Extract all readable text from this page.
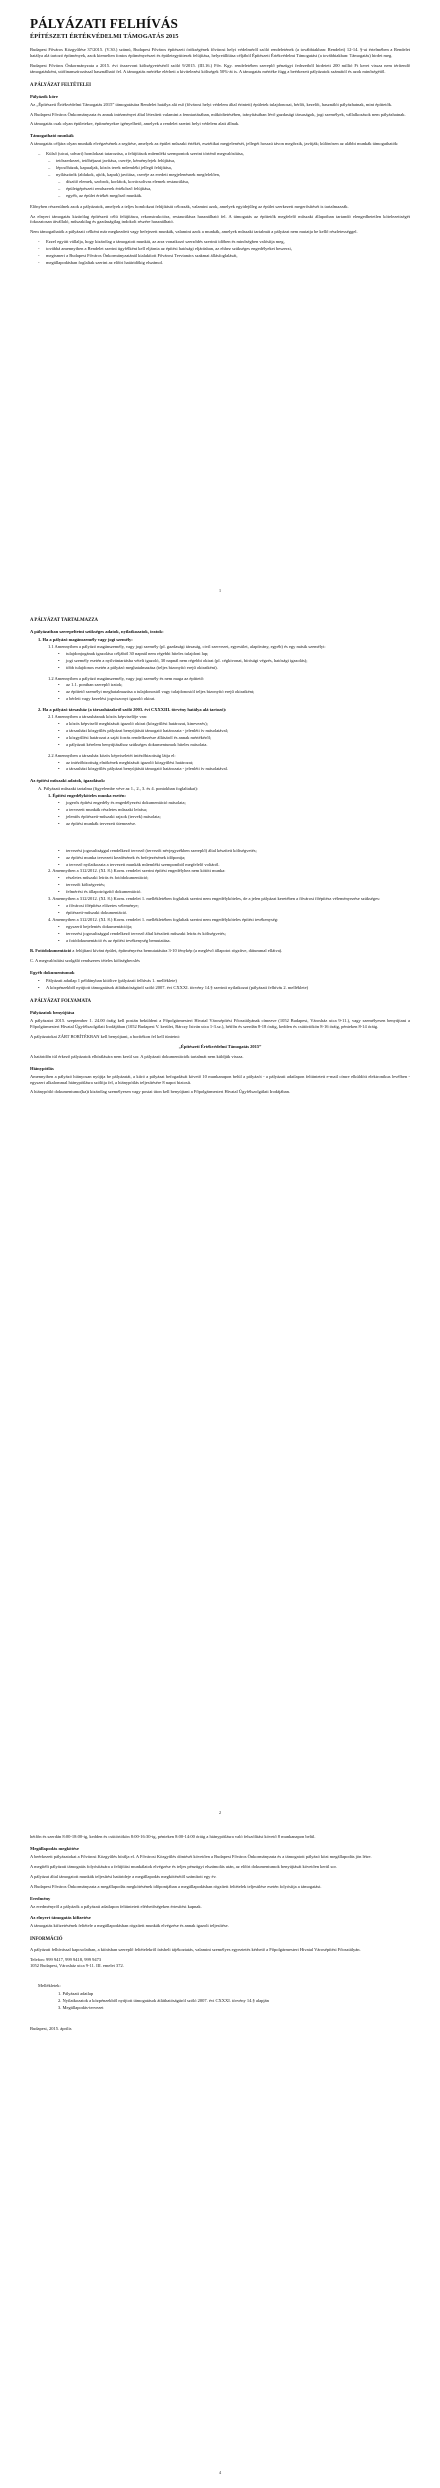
PÁLYÁZATI FELHÍVÁS
ÉPÍTÉSZETI ÉRTÉKVÉDELMI TÁMOGATÁS 2015

Budapest Főváros Közgyűlése 37/2015. (V.30.) számú, Budapest Főváros építészeti örökségének fővárosi helyi védelméről szóló rendeletének (a továbbiakban: Rendelet) 12-14. §-ai értelmében a Rendelet hatálya alá tartozó építmények, azok kiemelten fontos építményrészei és épületegyüttesek felújítása, helyreállítása céljából Építészeti Értékvédelmi Támogatást (a továbbiakban: Támogatás) hirdet meg.

Budapest Főváros Önkormányzata a 2015. évi összevont költségvetéséről szóló 9/2015. (III.16.) Főv. Kgy. rendeletében szereplő pénzügyi fedezetből hirdetett 200 millió Ft keret vissza nem térítendő támogatásként, utófinanszírozással használható fel. A támogatás mértéke elérheti a kivitelezési költségek 50%-át is. A támogatás mértéke függ a beérkezett pályázatok számától és azok minőségétől.

A PÁLYÁZAT FELTÉTELEI
Pályázók köre

Az „Építészeti Értékvédelmi Támogatás 2015” támogatására Rendelet hatálya alá eső (fővárosi helyi védelem által érintett) épületek tulajdonosai, bérlői, kezelői, használói pályázhatnak, mint építtetők.

A Budapest Főváros Önkormányzata és annak intézményei által létesített valamint a fenntartásában, működtetésében, irányításában lévő gazdasági társaságok, jogi személyek, vállalkozások nem pályázhatnak.

A támogatás csak olyan épületekre, építményekre igényelhető, amelyek a rendelet szerint helyi védelem alatt állnak.

Támogatható munkák

A támogatás céljára olyan munkák elvégzésének a segítése, amelyek az épület műszaki értékét, esztétikai megjelenését, jellegét hosszú távon megőrzik, javítják; különösen az alábbi munkák támogathatók:

–	Külső (utcai, udvari) homlokzat tatarozása, a felújítások műemléki szempontok szerint történő megvalósítása,
–	tetőszerkezet, tetőhéjazat javítása, cseréje, kéményfejek felújítása,
–	lépcsőházak, kapualjak, közös terek műemléki jellegű felújítása,
–	nyílászárók (ablakok, ajtók, kapuk) javítása, cseréje az eredeti megjelenésnek megfelelően,
–	díszítő elemek, szobrok, korlátok, kovácsoltvas elemek restaurálása,
–	épületgépészeti rendszerek értékőrző felújítása,
–	egyéb, az épület értékét megőrző munkák.

Előnyben részesülnek azok a pályázatok, amelyek a teljes homlokzat felújítását célozzák, valamint azok, amelyek egyidejűleg az épület szerkezeti megerősítését is tartalmazzák.

Az elnyert támogatás kizárólag építészeti célú felújításra, rekonstrukcióra, restaurálásra használható fel. A támogatás az építtetők megfelelő műszaki állapotban tartandó elengedhetetlen kötelezettségét fokozatosan átvállaló, műszakilag és gazdaságilag indokolt részére használható.

Nem támogathatók a pályázati célként már megkezdett vagy befejezett munkák, valamint azok a munkák, amelyek műszaki tartalmát a pályázat nem mutatja be kellő részletességgel.

-	Ezzel együtt vállalja, hogy kizárólag a támogatott munkát, az arra vonatkozó szerződés szerinti időben és minőségben valósítja meg,
-	továbbá amennyiben a Rendelet szerint ügyfélként kell eljárnia az építési hatósági eljárásban, az ehhez szükséges engedélyeket beszerzi,
-	megismeri a Budapest Főváros Önkormányzatánál kialakított Fővárosi Tervtanács szakmai állásfoglalását,
-	megállapodásban foglaltak szerint az előírt határidőkig elszámol.
1
A PÁLYÁZAT TARTALMAZZA
A pályázatban szerepeltetni szükséges adatok, nyilatkozatok, iratok:
1. Ha a pályázó magánszemély vagy jogi személy:
1.1 Amennyiben a pályázó magánszemély, vagy jogi személy (pl. gazdasági társaság, civil szervezet, egyesület, alapítvány, egyéb) és egy másik személyt:
•	tulajdonjogának igazolása céljából 30 napnál nem régebbi hiteles tulajdoni lap;
•	jogi személy esetén a nyilvántartásba vételt igazoló, 30 napnál nem régebbi okirat (pl. cégkivonat, bírósági végzés, hatósági igazolás);
•	több tulajdonos esetén a pályázó meghatalmazása (teljes bizonyító erejű okiratként).
1.2 Amennyiben a pályázó magánszemély, vagy jogi személy és nem maga az építtető:
•	az 1.1. pontban szereplő iratok;
•	az építtető személyi meghatalmazása a tulajdonostól vagy tulajdonostól teljes bizonyító erejű okiratként;
•	a bérleti vagy kezelési jogviszonyt igazoló okirat.
2. Ha a pályázó társasház (a társasházakról szóló 2003. évi CXXXIII. törvény hatálya alá tartozó):
2.1 Amennyiben a társasháznak közös képviselője van:
•	a közös képviselő megbízását igazoló okirat (közgyűlési határozat, kinevezés);
•	a társasházi közgyűlés pályázat benyújtását támogató határozata - jelenléti ív másolatával;
•	a közgyűlési határozat a saját forrás rendelkezésre állásáról és annak mértékéről;
•	a pályázati kérelem benyújtásához szükséges dokumentumok hiteles másolata.
2.2 Amennyiben a társasház közös képviseletét intézőbizottság látja el:
•	az intézőbizottság elnökének megbízását igazoló közgyűlési határozat;
•	a társasházi közgyűlés pályázat benyújtását támogató határozata - jelenléti ív másolatával.
Az építési műszaki adatok, igazolások:
A. Pályázati műszaki tartalma (figyelembe véve az 1., 2., 3. és 4. pontokban foglaltakat):
1. Építési engedélyköteles munka esetén:
•	jogerős építési engedély és engedélyezési dokumentáció másolata;
•	a tervezett munkák részletes műszaki leírása;
•	jelentős építészeti-műszaki rajzok (tervek) másolata;
•	az építési munkák tervezett ütemezése.
•	tervezési jogosultsággal rendelkező tervező (tervezői névjegyzékben szereplő) által készített költségvetés;
•	az építési munka tervezett kezdésének és befejezésének időpontja;
•	a tervező nyilatkozata a tervezett munkák műemléki szempontból megfelelő voltáról.
2. Amennyiben a 312/2012. (XI. 8.) Korm. rendelet szerint építési engedélyhez nem kötött munka:
•	részletes műszaki leírás és fotódokumentáció;
•	tervezői költségvetés;
•	felmérési és állapotrögzítő dokumentáció.
3. Amennyiben a 312/2012. (XI. 8.) Korm. rendelet 1. mellékletében foglaltak szerint nem engedélyköteles, de a jelen pályázat keretében a fővárosi főépítész véleményezése szükséges:
•	a fővárosi főépítész előzetes véleménye;
•	építészeti-műszaki dokumentáció.
4. Amennyiben a 312/2012. (XI. 8.) Korm. rendelet 1. mellékletében foglaltak szerint nem engedélyköteles építési tevékenység:
•	egyszerű bejelentés dokumentációja;
•	tervezési jogosultsággal rendelkező tervező által készített műszaki leírás és költségvetés;
•	a fotódokumentáció és az építési tevékenység bemutatása.

B. Fotódokumentáció a felújítani kívánt épület, építményrész bemutatására 3-10 fénykép (a meglévő állapotot rögzítve, dátummal ellátva).

C. A megvalósítást szolgáló rendszeres tételes költségbecslés

Egyéb dokumentumok
•	Pályázati adatlap 1 példányban kitöltve (pályázati felhívás 1. melléklete)
•	A közpénzekből nyújtott támogatások átláthatóságáról szóló 2007. évi CXXXI. törvény 14.§ szerinti nyilatkozat (pályázati felhívás 2. melléklete)
A PÁLYÁZAT FOLYAMATA
Pályázatok benyújtása

A pályázatot 2015. szeptember 1. 24.00 óráig kell postán beküldeni a Főpolgármesteri Hivatal Városépítési Főosztályának címezve (1052 Budapest, Városház utca 9-11.), vagy személyesen benyújtani a Főpolgármesteri Hivatal Ügyfélszolgálati Irodájában (1052 Budapest V. kerület, Bárczy István utca 1-3.sz.), hétfőn és szerdán 8-18 óráig, kedden és csütörtökön 8-16 óráig, pénteken 8-14 óráig.

A pályázatokat ZÁRT BORÍTÉKBAN kell benyújtani, a borítékon fel kell tüntetni:

„Építészeti Értékvédelmi Támogatás 2015”

A határidőn túl érkező pályázatok elbírálására nem kerül sor. A pályázati dokumentációk tartalmát nem küldjük vissza.

Hiánypótlás

Amennyiben a pályázó hiányosan nyújtja be pályázatát, a kiíró a pályázat befogadását követő 10 munkanapon belül a pályázót - a pályázati adatlapon feltüntetett e-mail címre elküldött elektronikus levélben - egyszeri alkalommal hiánypótlásra szólítja fel, a hiánypótlás teljesítésére 8 napot biztosít.

A hiánypótló dokumentumo(ka)t kizárólag személyesen vagy postai úton kell benyújtani a Főpolgármesteri Hivatal Ügyfélszolgálati Irodájában.

2

hétfőn és szerdán 8:00-18:00-ig, kedden és csütörtökön 8:00-16:30-ig, pénteken 8:00-14:00 óráig a hiánypótlásra való felszólítást követő 8 munkanapon belül.

Megállapodás megkötése

A beérkezett pályázatokat a Fővárosi Közgyűlés bírálja el. A Fővárosi Közgyűlés döntését követően a Budapest Főváros Önkormányzata és a támogatott pályázó közt megállapodás jön létre.

A megítélt pályázati támogatás folyósítására a felújítási munkálatok elvégzése és teljes pénzügyi elszámolás után, az előírt dokumentumok benyújtását követően kerül sor.

A pályázat által támogatott munkák teljesítési határideje a megállapodás megkötésétől számított egy év.

A Budapest Főváros Önkormányzata a megállapodás megkötésének időpontjában a megállapodásban rögzített feltételek teljesülése esetén folyósítja a támogatást.

Eredmény

Az eredményről a pályázók a pályázati adatlapon feltüntetett elérhetőségeken értesítést kapnak.

Az elnyert támogatás kifizetése

A támogatás kifizetésének feltétele a megállapodásban rögzített munkák elvégzése és annak igazolt teljesítése.

INFORMÁCIÓ

A pályázati felhívással kapcsolatban, a kiírásban szereplő feltételekről írásbeli tájékoztatás, valamint személyes egyeztetés kérhető a Főpolgármesteri Hivatal Városépítési Főosztályán.

Telefon: 999 9417, 999 9418, 999 9473

1052 Budapest, Városház utca 9-11. III. emelet 372.

Mellékletek:

1. Pályázati adatlap
2. Nyilatkozatok a közpénzekből nyújtott támogatások átláthatóságáról szóló 2007. évi CXXXI. törvény 14.§ alapján
3. Megállapodás-tervezet
Budapest, 2015. április
4
